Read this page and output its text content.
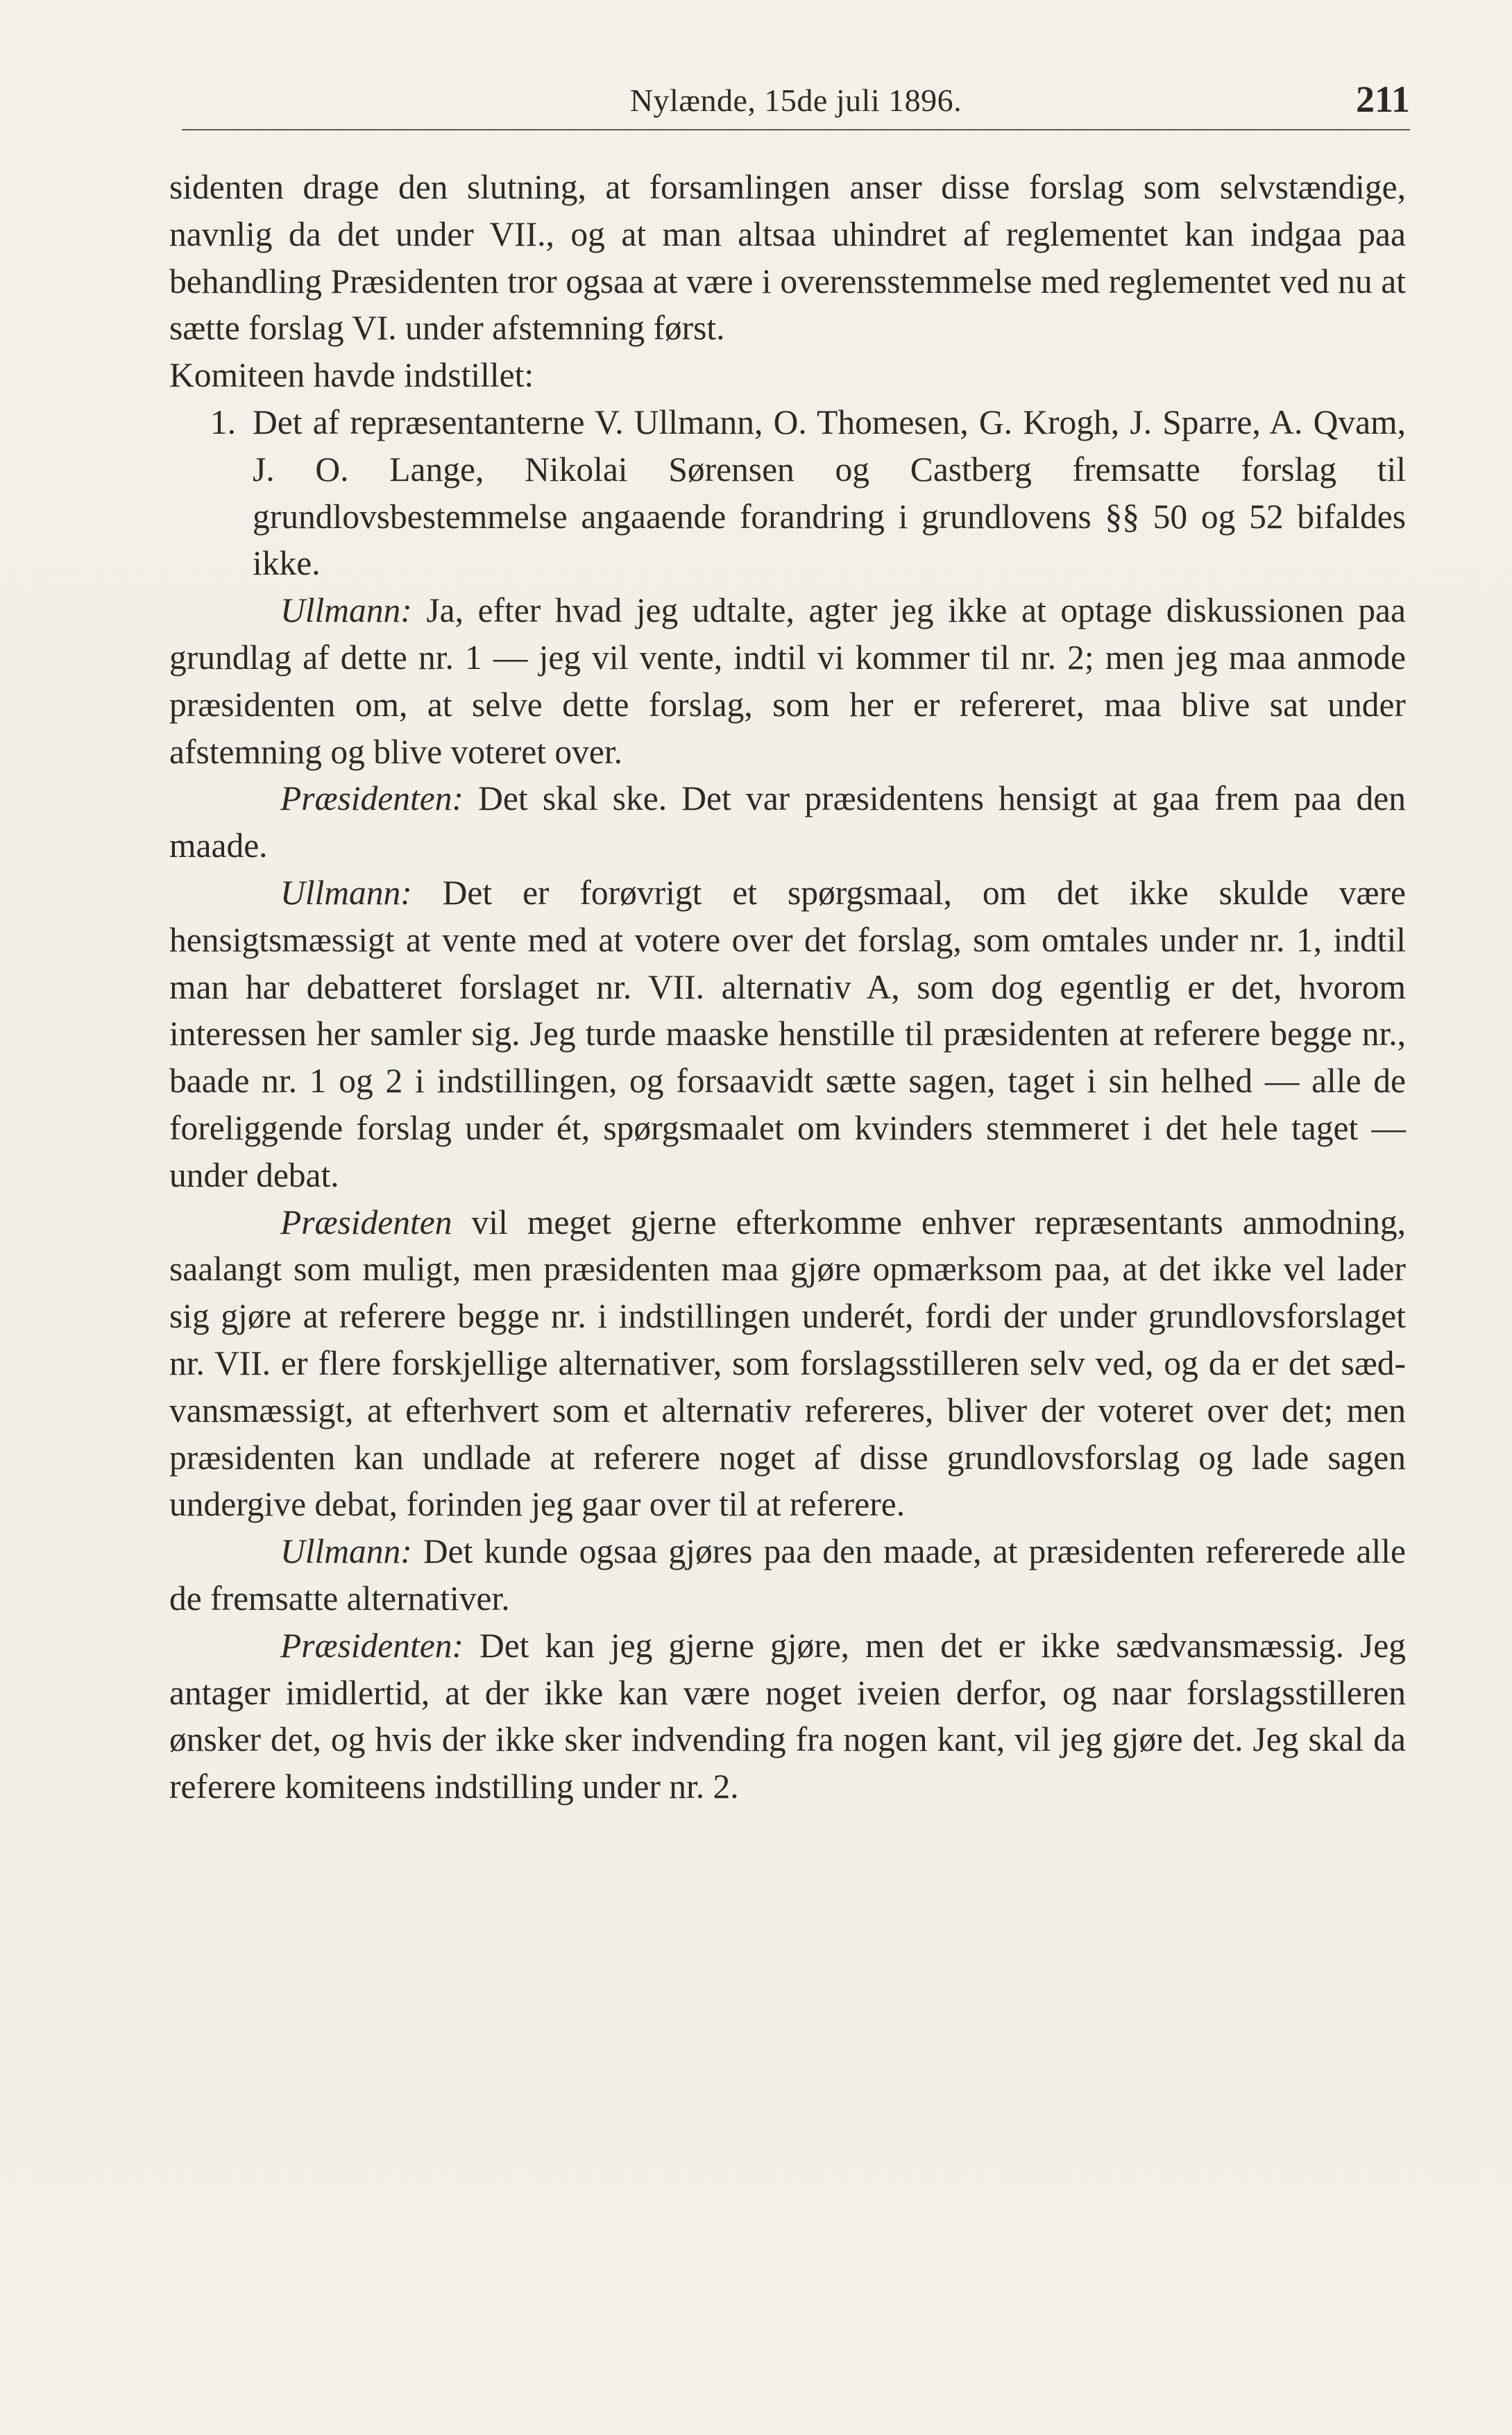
Nylænde, 15de juli 1896.	211

sidenten drage den slutning, at forsamlingen anser disse forslag som selvstændige, navnlig da det under VII., og at man altsaa uhindret af reglementet kan indgaa paa behandling Præsidenten tror ogsaa at være i overensstemmelse med reglementet ved nu at sætte forslag VI. under afstemning først.

Komiteen havde indstillet:

1. Det af repræsentanterne V. Ullmann, O. Thomesen, G. Krogh, J. Sparre, A. Qvam, J. O. Lange, Nikolai Sørensen og Castberg fremsatte forslag til grundlovsbestemmelse angaaende forandring i grundlovens §§ 50 og 52 bifaldes ikke.

Ullmann: Ja, efter hvad jeg udtalte, agter jeg ikke at optage diskussionen paa grundlag af dette nr. 1 — jeg vil vente, indtil vi kommer til nr. 2; men jeg maa anmode præsidenten om, at selve dette forslag, som her er refereret, maa blive sat under afstemning og blive voteret over.

Præsidenten: Det skal ske. Det var præsidentens hensigt at gaa frem paa den maade.

Ullmann: Det er forøvrigt et spørgsmaal, om det ikke skulde være hensigtsmæssigt at vente med at votere over det forslag, som omtales under nr. 1, indtil man har debatteret forslaget nr. VII. alternativ A, som dog egentlig er det, hvorom interessen her samler sig. Jeg turde maaske henstille til præsidenten at referere begge nr., baade nr. 1 og 2 i indstillingen, og forsaavidt sætte sagen, taget i sin helhed — alle de foreliggende forslag under ét, spørgsmaalet om kvinders stemmeret i det hele taget — under debat.

Præsidenten vil meget gjerne efterkomme enhver repræsentants anmodning, saalangt som muligt, men præsidenten maa gjøre opmærksom paa, at det ikke vel lader sig gjøre at referere begge nr. i indstillingen underét, fordi der under grundlovsforslaget nr. VII. er flere forskjellige alternativer, som forslagsstilleren selv ved, og da er det sædvansmæssigt, at efterhvert som et alternativ refereres, bliver der voteret over det; men præsidenten kan undlade at referere noget af disse grundlovsforslag og lade sagen undergive debat, forinden jeg gaar over til at referere.

Ullmann: Det kunde ogsaa gjøres paa den maade, at præsidenten refererede alle de fremsatte alternativer.

Præsidenten: Det kan jeg gjerne gjøre, men det er ikke sædvansmæssig. Jeg antager imidlertid, at der ikke kan være noget iveien derfor, og naar forslagsstilleren ønsker det, og hvis der ikke sker indvending fra nogen kant, vil jeg gjøre det. Jeg skal da referere komiteens indstilling under nr. 2.
